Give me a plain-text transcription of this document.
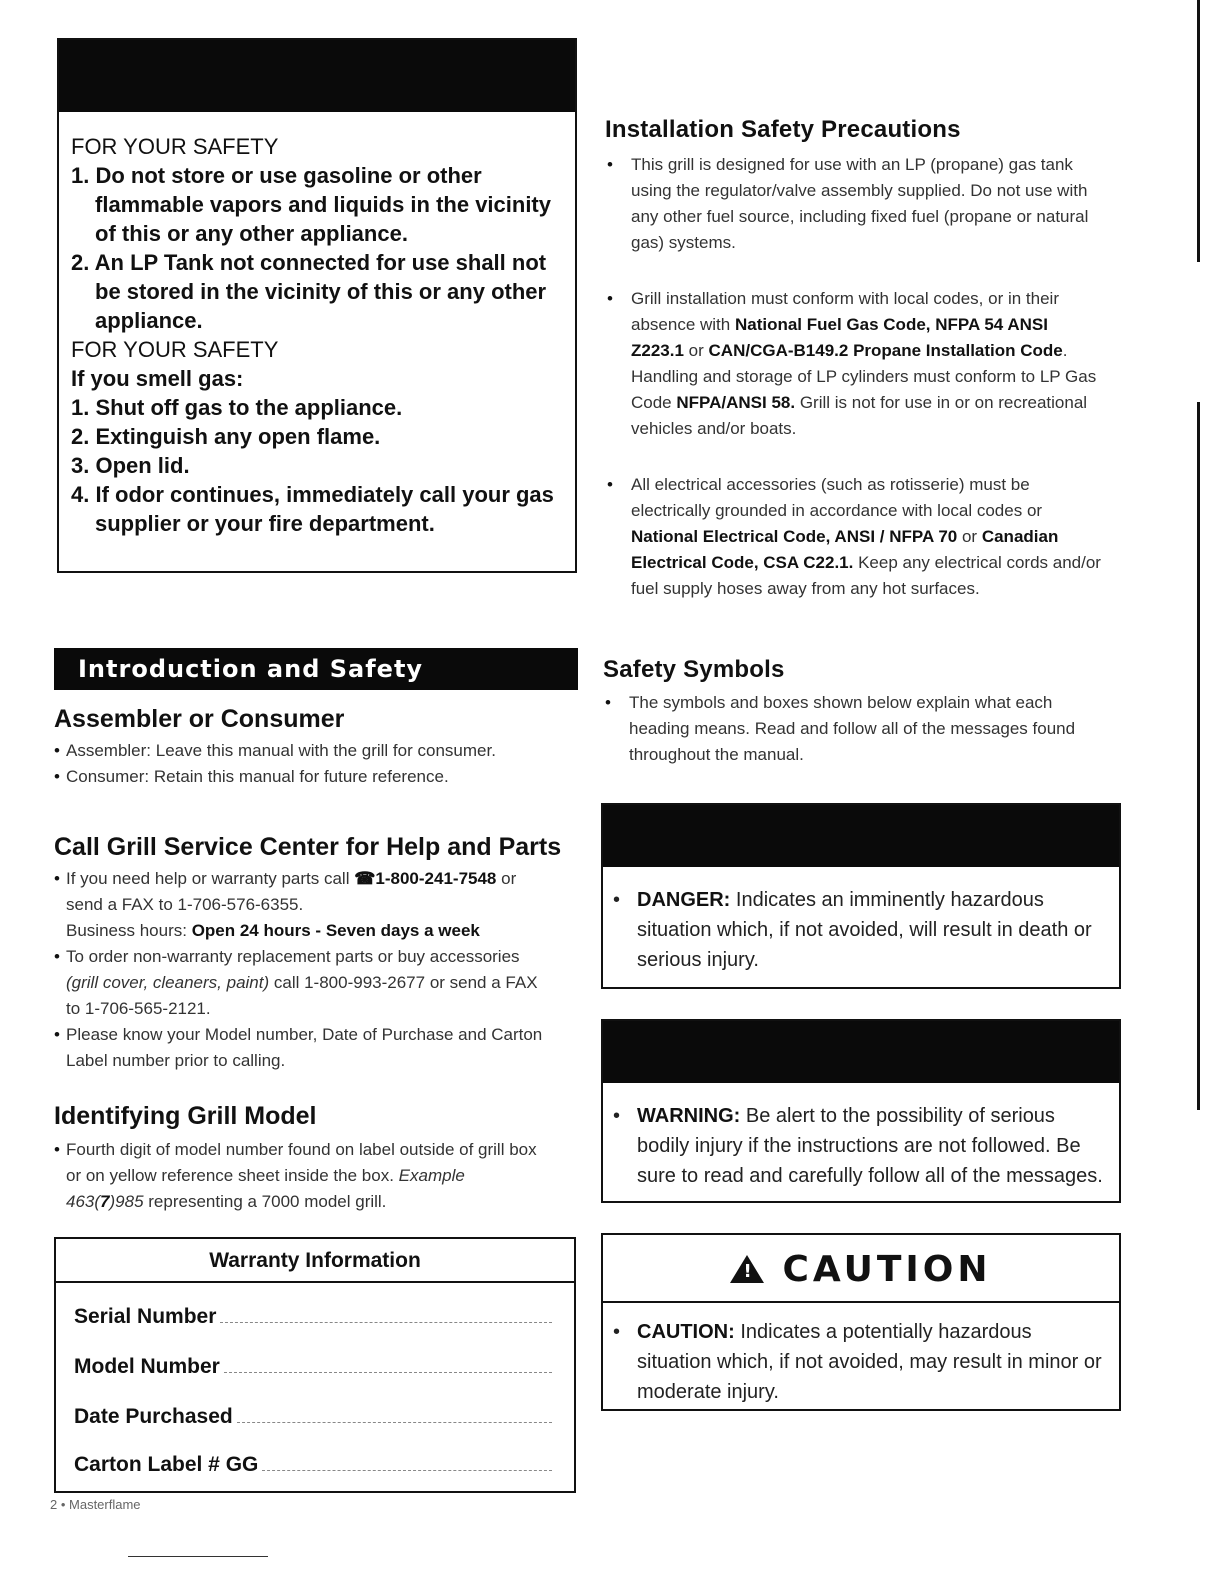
FOR YOUR SAFETY
1. Do not store or use gasoline or other flammable vapors and liquids in the vicinity of this or any other appliance.
2. An LP Tank not connected for use shall not be stored in the vicinity of this or any other appliance.
FOR YOUR SAFETY
If you smell gas:
1. Shut off gas to the appliance.
2. Extinguish any open flame.
3. Open lid.
4. If odor continues, immediately call your gas supplier or your fire department.
Installation Safety Precautions
• This grill is designed for use with an LP (propane) gas tank using the regulator/valve assembly supplied. Do not use with any other fuel source, including fixed fuel (propane or natural gas) systems.
• Grill installation must conform with local codes, or in their absence with National Fuel Gas Code, NFPA 54 ANSI Z223.1 or CAN/CGA-B149.2 Propane Installation Code. Handling and storage of LP cylinders must conform to LP Gas Code NFPA/ANSI 58. Grill is not for use in or on recreational vehicles and/or boats.
• All electrical accessories (such as rotisserie) must be electrically grounded in accordance with local codes or National Electrical Code, ANSI / NFPA 70 or Canadian Electrical Code, CSA C22.1. Keep any electrical cords and/or fuel supply hoses away from any hot surfaces.
Safety Symbols
• The symbols and boxes shown below explain what each heading means. Read and follow all of the messages found throughout the manual.
Introduction and Safety
Assembler or Consumer
• Assembler: Leave this manual with the grill for consumer.
• Consumer: Retain this manual for future reference.
Call Grill Service Center for Help and Parts
• If you need help or warranty parts call ☎1-800-241-7548 or
send a FAX to 1-706-576-6355.
Business hours: Open 24 hours - Seven days a week
• To order non-warranty replacement parts or buy accessories
(grill cover, cleaners, paint) call 1-800-993-2677 or send a FAX
to 1-706-565-2121.
• Please know your Model number, Date of Purchase and Carton
Label number prior to calling.
Identifying Grill Model
• Fourth digit of model number found on label outside of grill box
or on yellow reference sheet inside the box. Example
463(7)985 representing a 7000 model grill.
Warranty Information
Serial Number
Model Number
Date Purchased
Carton Label # GG
• DANGER: Indicates an imminently hazardous situation which, if not avoided, will result in death or serious injury.
• WARNING: Be alert to the possibility of serious bodily injury if the instructions are not followed. Be sure to read and carefully follow all of the messages.
!CAUTION
• CAUTION: Indicates a potentially hazardous situation which, if not avoided, may result in minor or moderate injury.
2 • Masterflame
